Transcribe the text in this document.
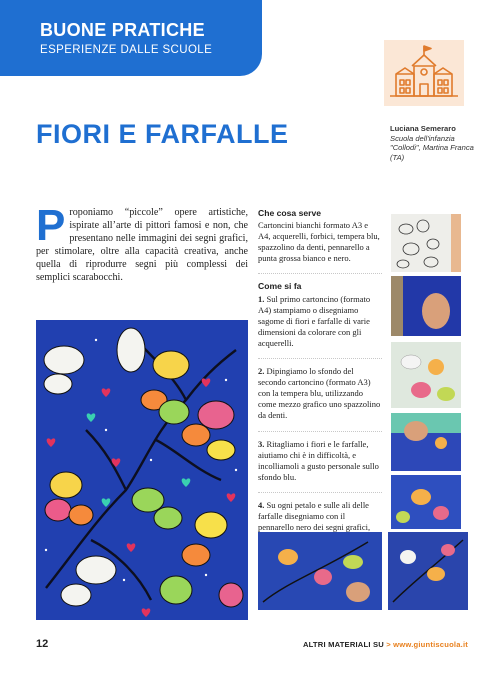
BUONE PRATICHE
ESPERIENZE DALLE SCUOLE
FIORI E FARFALLE	Luciana Semeraro
Scuola dell'infanzia "Collodi", Martina Franca (TA)
P roponiamo “piccole” opere artistiche, ispirate all’arte di pittori famosi e non, che presentano nelle immagini dei segni grafici, per stimolare, oltre alla capacità creativa, anche quella di riprodurre segni più complessi dei semplici scarabocchi.
Che cosa serve

Cartoncini bianchi formato A3 e A4, acquerelli, forbici, tempera blu, spazzolino da denti, pennarello a punta grossa bianco e nero.

Come si fa

1. Sul primo cartoncino (formato A4) stampiamo o disegniamo sagome di fiori e farfalle di varie dimensioni da colorare con gli acquerelli.

2. Dipingiamo lo sfondo del secondo cartoncino (formato A3) con la tempera blu, utilizzando come mezzo grafico uno spazzolino da denti.

3. Ritagliamo i fiori e le farfalle, aiutiamo chi è in difficoltà, e incolliamoli a gusto personale sullo sfondo blu.

4. Su ogni petalo e sulle ali delle farfalle disegniamo con il pennarello nero dei segni grafici,

12	ALTRI MATERIALI SU > www.giuntiscuola.it
